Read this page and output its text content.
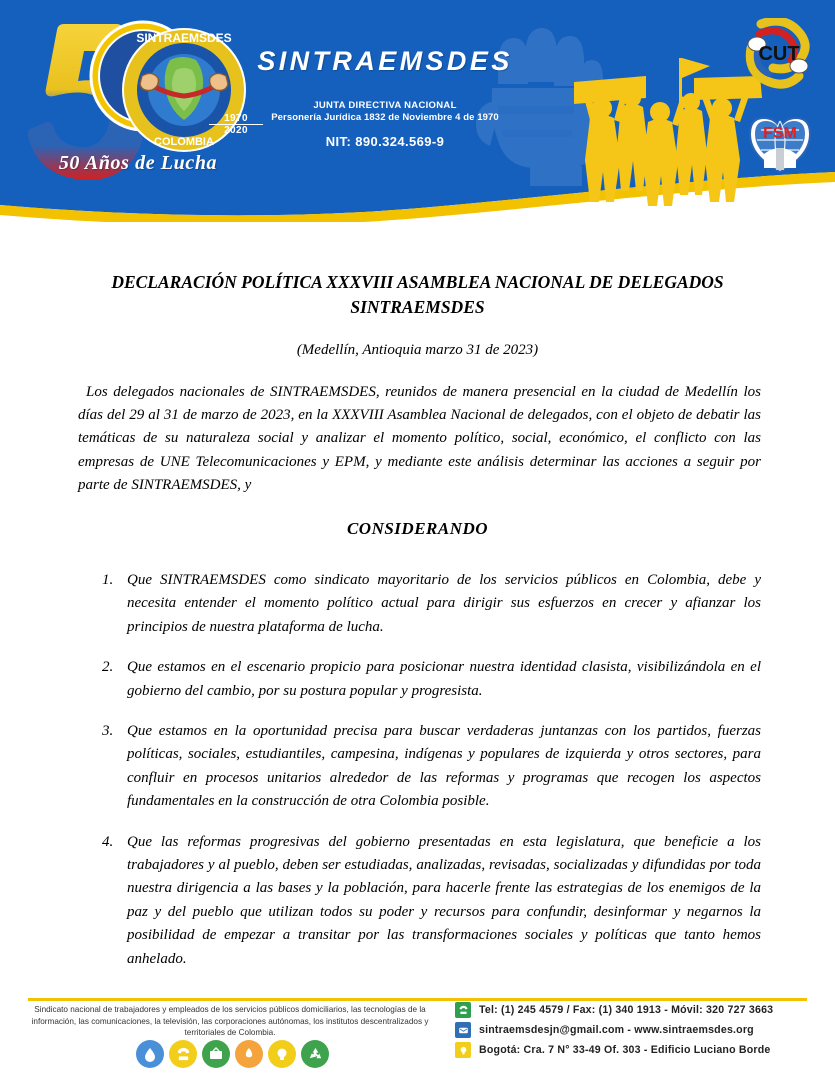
SINTRAEMSDES
COLOMBIA
1970
2020
50 Años de Lucha
SINTRAEMSDES
JUNTA DIRECTIVA NACIONAL
Personería Jurídica 1832 de Noviembre 4 de 1970
NIT: 890.324.569-9
CUT
FSM
DECLARACIÓN POLÍTICA XXXVIII ASAMBLEA NACIONAL DE DELEGADOS
SINTRAEMSDES
(Medellín, Antioquia marzo 31 de 2023)

Los delegados nacionales de SINTRAEMSDES, reunidos de manera presencial en la ciudad de Medellín los días del 29 al 31 de marzo de 2023, en la XXXVIII Asamblea Nacional de delegados, con el objeto de debatir las temáticas de su naturaleza social y analizar el momento político, social, económico, el conflicto con las empresas de UNE Telecomunicaciones y EPM, y mediante este análisis determinar las acciones a seguir por parte de SINTRAEMSDES, y

CONSIDERANDO
1. Que SINTRAEMSDES como sindicato mayoritario de los servicios públicos en Colombia, debe y necesita entender el momento político actual para dirigir sus esfuerzos en crecer y afianzar los principios de nuestra plataforma de lucha.
2. Que estamos en el escenario propicio para posicionar nuestra identidad clasista, visibilizándola en el gobierno del cambio, por su postura popular y progresista.
3. Que estamos en la oportunidad precisa para buscar verdaderas juntanzas con los partidos, fuerzas políticas, sociales, estudiantiles, campesina, indígenas y populares de izquierda y otros sectores, para confluir en procesos unitarios alrededor de las reformas y programas que recogen los aspectos fundamentales en la construcción de otra Colombia posible.
4. Que las reformas progresivas del gobierno presentadas en esta legislatura, que beneficie a los trabajadores y al pueblo, deben ser estudiadas, analizadas, revisadas, socializadas y difundidas por toda nuestra dirigencia a las bases y la población, para hacerle frente las estrategias de los enemigos de la paz y del pueblo que utilizan todos su poder y recursos para confundir, desinformar y negarnos la posibilidad de empezar a transitar por las transformaciones sociales y políticas que tanto hemos anhelado.
Sindicato nacional de trabajadores y empleados de los servicios públicos domiciliarios, las tecnologías de la información, las comunicaciones, la televisión, las corporaciones autónomas, los institutos descentralizados y territoriales de Colombia.
Tel: (1) 245 4579 / Fax: (1) 340 1913 - Móvil: 320 727 3663
sintraemsdesjn@gmail.com - www.sintraemsdes.org
Bogotá: Cra. 7 N° 33-49 Of. 303 - Edificio Luciano Borde
